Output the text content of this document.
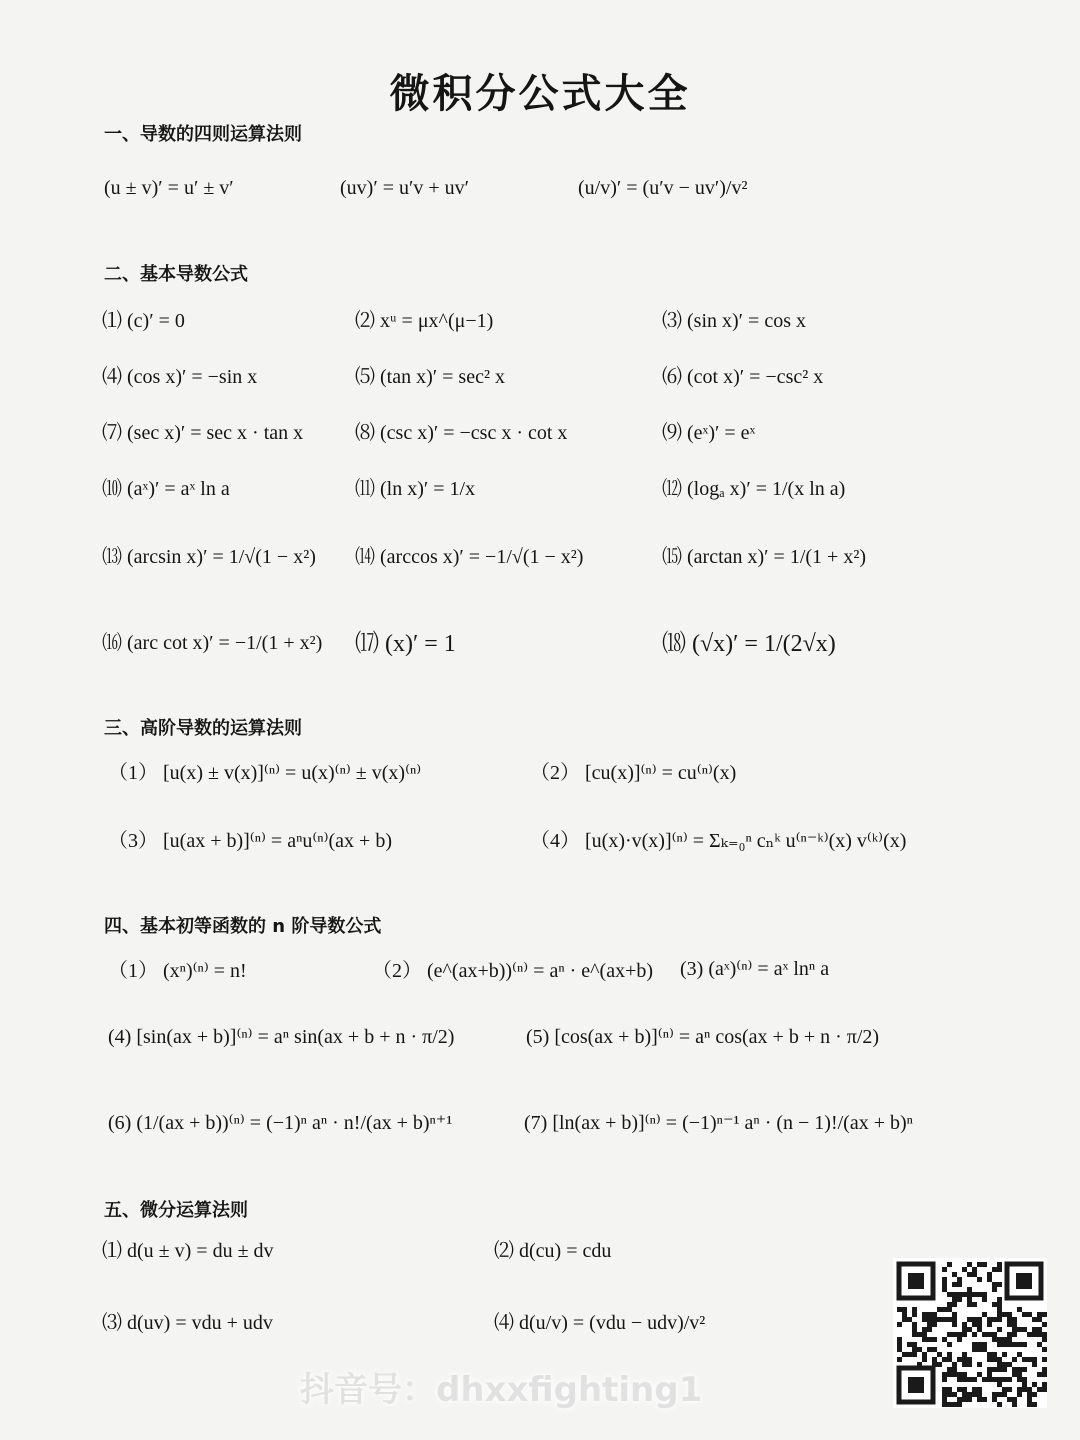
微积分公式大全
一、导数的四则运算法则
(u ± v)′ = u′ ± v′	(uv)′ = u′v + uv′	(u/v)′ = (u′v − uv′)/v²
二、基本导数公式
⑴ (c)′ = 0	⑵ xᵘ = μx^(μ−1)	⑶ (sin x)′ = cos x
⑷ (cos x)′ = −sin x	⑸ (tan x)′ = sec² x	⑹ (cot x)′ = −csc² x
⑺ (sec x)′ = sec x · tan x	⑻ (csc x)′ = −csc x · cot x	⑼ (eˣ)′ = eˣ
⑽ (aˣ)′ = aˣ ln a	⑾ (ln x)′ = 1/x	⑿ (logₐ x)′ = 1/(x ln a)
⒀ (arcsin x)′ = 1/√(1 − x²) ⒁ (arccos x)′ = −1/√(1 − x²)	⒂ (arctan x)′ = 1/(1 + x²)
⒃ (arc cot x)′ = −1/(1 + x²) ⒄ (x)′ = 1	⒅ (√x)′ = 1/(2√x)
三、高阶导数的运算法则
（1） [u(x) ± v(x)]⁽ⁿ⁾ = u(x)⁽ⁿ⁾ ± v(x)⁽ⁿ⁾	（2） [cu(x)]⁽ⁿ⁾ = cu⁽ⁿ⁾(x)
（3） [u(ax + b)]⁽ⁿ⁾ = aⁿu⁽ⁿ⁾(ax + b)	（4） [u(x)·v(x)]⁽ⁿ⁾ = Σₖ₌₀ⁿ cₙᵏ u⁽ⁿ⁻ᵏ⁾(x) v⁽ᵏ⁾(x)
四、基本初等函数的 n 阶导数公式
（1） (xⁿ)⁽ⁿ⁾ = n!	（2） (e^(ax+b))⁽ⁿ⁾ = aⁿ · e^(ax+b) (3) (aˣ)⁽ⁿ⁾ = aˣ lnⁿ a
(4) [sin(ax + b)]⁽ⁿ⁾ = aⁿ sin(ax + b + n · π/2)	(5) [cos(ax + b)]⁽ⁿ⁾ = aⁿ cos(ax + b + n · π/2)
(6) (1/(ax + b))⁽ⁿ⁾ = (−1)ⁿ aⁿ · n!/(ax + b)ⁿ⁺¹	(7) [ln(ax + b)]⁽ⁿ⁾ = (−1)ⁿ⁻¹ aⁿ · (n − 1)!/(ax + b)ⁿ
五、微分运算法则
⑴ d(u ± v) = du ± dv	⑵ d(cu) = cdu
⑶ d(uv) = vdu + udv	⑷ d(u/v) = (vdu − udv)/v²
抖音号：dhxxfighting1
